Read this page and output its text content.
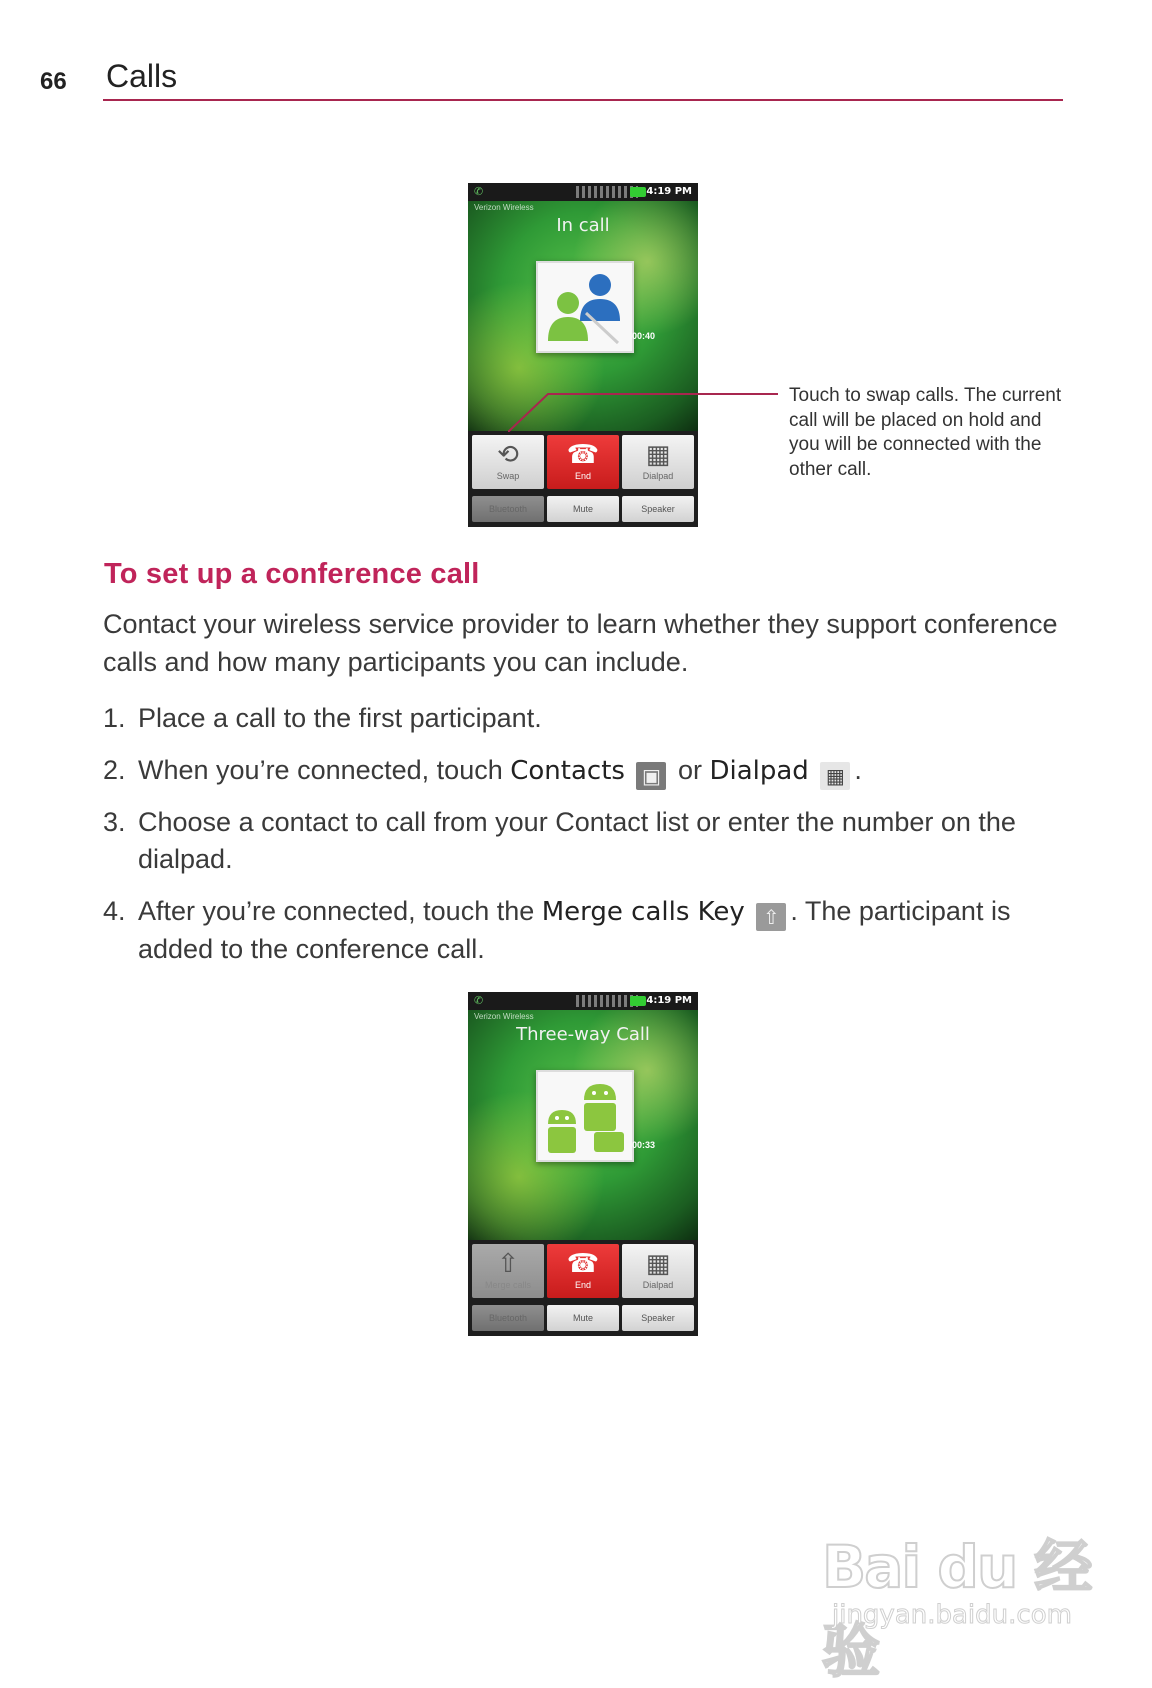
66 Calls
✆	4:19 PM
Verizon Wireless
In call
00:40
⟲
Swap
☎
End
▦
Dialpad
Bluetooth	Mute	Speaker
Touch to swap calls. The current call will be placed on hold and you will be connected with the other call.
To set up a conference call
Contact your wireless service provider to learn whether they support conference calls and how many participants you can include.
1. Place a call to the first participant.
2. When you’re connected, touch Contacts ▣ or Dialpad ▦ .
3. Choose a contact to call from your Contact list or enter the number on the dialpad.
4. After you’re connected, touch the Merge calls Key ⇧ . The participant is added to the conference call.
✆	4:19 PM
Verizon Wireless
Three-way Call
00:33
⇧
Merge calls
☎
End
▦
Dialpad
Bluetooth	Mute	Speaker
Bai du 经验
jingyan.baidu.com
